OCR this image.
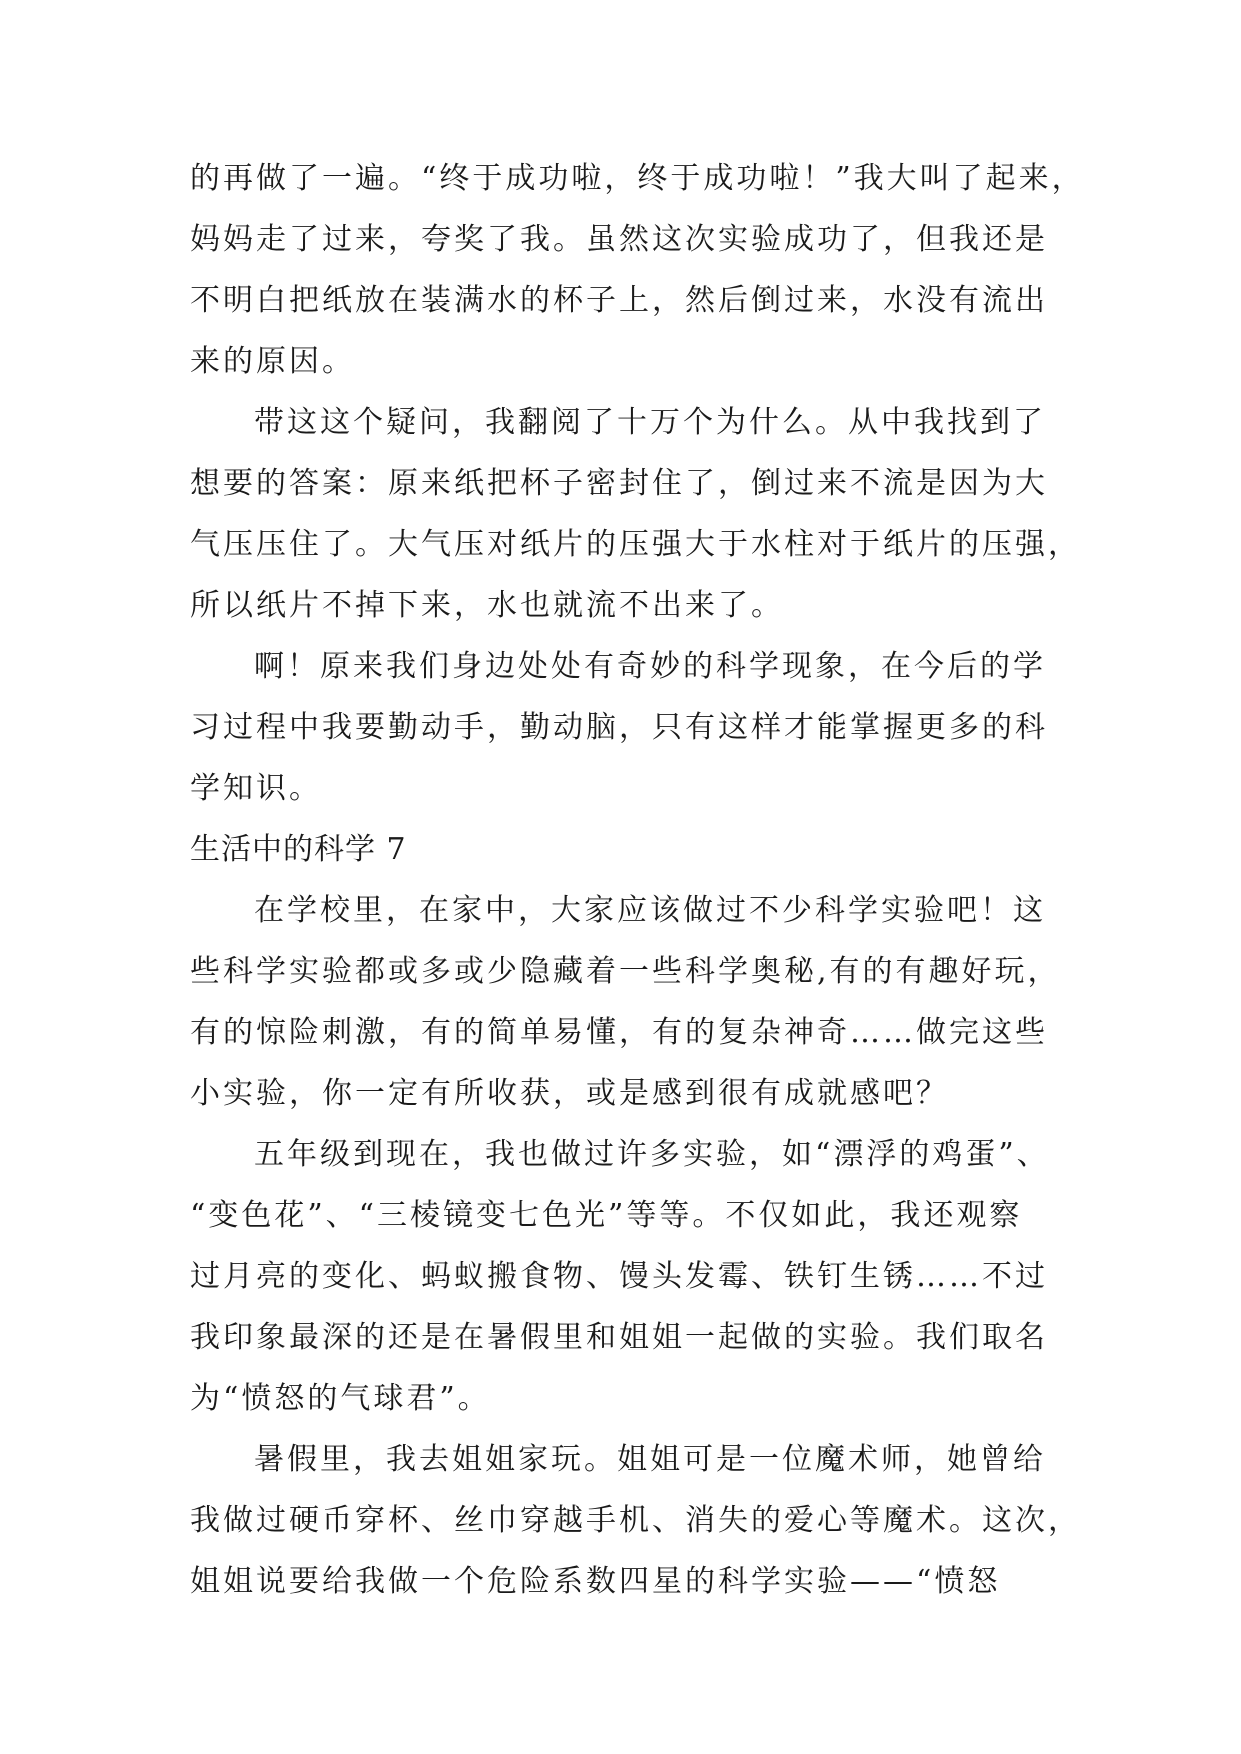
的再做了一遍。“终于成功啦，终于成功啦！”我大叫了起来，
妈妈走了过来，夸奖了我。虽然这次实验成功了，但我还是
不明白把纸放在装满水的杯子上，然后倒过来，水没有流出
来的原因。
带这这个疑问，我翻阅了十万个为什么。从中我找到了
想要的答案：原来纸把杯子密封住了，倒过来不流是因为大
气压压住了。大气压对纸片的压强大于水柱对于纸片的压强，
所以纸片不掉下来，水也就流不出来了。
啊！原来我们身边处处有奇妙的科学现象，在今后的学
习过程中我要勤动手，勤动脑，只有这样才能掌握更多的科
学知识。
生活中的科学 7
在学校里，在家中，大家应该做过不少科学实验吧！这
些科学实验都或多或少隐藏着一些科学奥秘,有的有趣好玩，
有的惊险刺激，有的简单易懂，有的复杂神奇……做完这些
小实验，你一定有所收获，或是感到很有成就感吧？
五年级到现在，我也做过许多实验，如“漂浮的鸡蛋”、
“变色花”、“三棱镜变七色光”等等。不仅如此，我还观察
过月亮的变化、蚂蚁搬食物、馒头发霉、铁钉生锈……不过
我印象最深的还是在暑假里和姐姐一起做的实验。我们取名
为“愤怒的气球君”。
暑假里，我去姐姐家玩。姐姐可是一位魔术师，她曾给
我做过硬币穿杯、丝巾穿越手机、消失的爱心等魔术。这次，
姐姐说要给我做一个危险系数四星的科学实验——“愤怒
